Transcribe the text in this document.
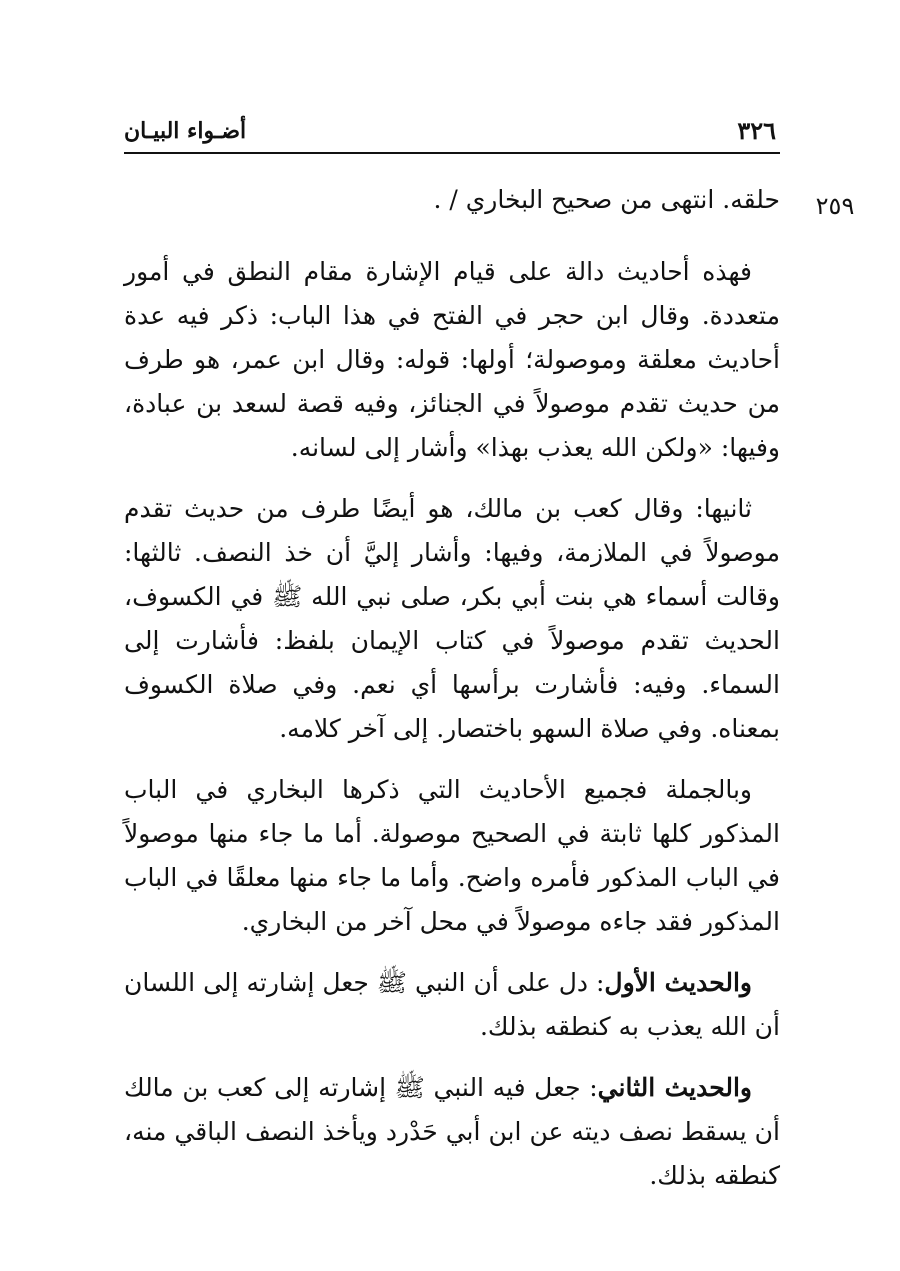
أضـواء البيـان	٣٢٦
٢٥٩

حلقه. انتهى من صحيح البخاري / .

فهذه أحاديث دالة على قيام الإشارة مقام النطق في أمور متعددة. وقال ابن حجر في الفتح في هذا الباب: ذكر فيه عدة أحاديث معلقة وموصولة؛ أولها: قوله: وقال ابن عمر، هو طرف من حديث تقدم موصولاً في الجنائز، وفيه قصة لسعد بن عبادة، وفيها: «ولكن الله يعذب بهذا» وأشار إلى لسانه.

ثانيها: وقال كعب بن مالك، هو أيضًا طرف من حديث تقدم موصولاً في الملازمة، وفيها: وأشار إليَّ أن خذ النصف. ثالثها: وقالت أسماء هي بنت أبي بكر، صلى نبي الله ﷺ في الكسوف، الحديث تقدم موصولاً في كتاب الإيمان بلفظ: فأشارت إلى السماء. وفيه: فأشارت برأسها أي نعم. وفي صلاة الكسوف بمعناه. وفي صلاة السهو باختصار. إلى آخر كلامه.

وبالجملة فجميع الأحاديث التي ذكرها البخاري في الباب المذكور كلها ثابتة في الصحيح موصولة. أما ما جاء منها موصولاً في الباب المذكور فأمره واضح. وأما ما جاء منها معلقًا في الباب المذكور فقد جاءه موصولاً في محل آخر من البخاري.

والحديث الأول: دل على أن النبي ﷺ جعل إشارته إلى اللسان أن الله يعذب به كنطقه بذلك.

والحديث الثاني: جعل فيه النبي ﷺ إشارته إلى كعب بن مالك أن يسقط نصف ديته عن ابن أبي حَدْرد ويأخذ النصف الباقي منه، كنطقه بذلك.
